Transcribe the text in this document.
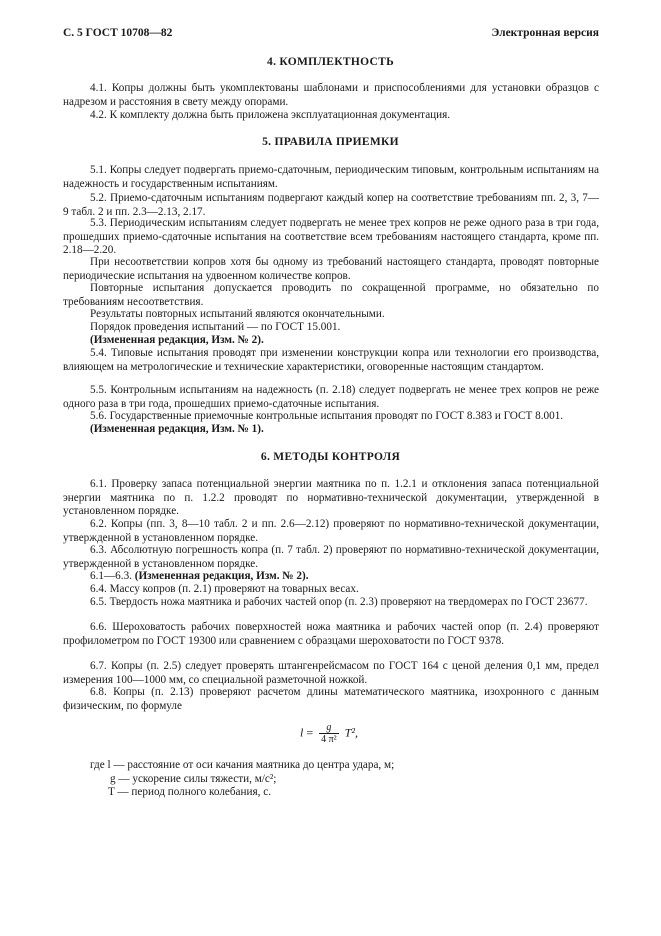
С. 5 ГОСТ 10708—82	Электронная версия
4. КОМПЛЕКТНОСТЬ

4.1. Копры должны быть укомплектованы шаблонами и приспособлениями для установки образцов с надрезом и расстояния в свету между опорами.

4.2. К комплекту должна быть приложена эксплуатационная документация.

5. ПРАВИЛА ПРИЕМКИ

5.1. Копры следует подвергать приемо-сдаточным, периодическим типовым, контрольным испытаниям на надежность и государственным испытаниям.

5.2. Приемо-сдаточным испытаниям подвергают каждый копер на соответствие требованиям пп. 2, 3, 7—9 табл. 2 и пп. 2.3—2.13, 2.17.

5.3. Периодическим испытаниям следует подвергать не менее трех копров не реже одного раза в три года, прошедших приемо-сдаточные испытания на соответствие всем требованиям настоящего стандарта, кроме пп. 2.18—2.20.

При несоответствии копров хотя бы одному из требований настоящего стандарта, проводят повторные периодические испытания на удвоенном количестве копров.

Повторные испытания допускается проводить по сокращенной программе, но обязательно по требованиям несоответствия.

Результаты повторных испытаний являются окончательными.

Порядок проведения испытаний — по ГОСТ 15.001.

(Измененная редакция, Изм. № 2).

5.4. Типовые испытания проводят при изменении конструкции копра или технологии его производства, влияющем на метрологические и технические характеристики, оговоренные настоящим стандартом.

5.5. Контрольным испытаниям на надежность (п. 2.18) следует подвергать не менее трех копров не реже одного раза в три года, прошедших приемо-сдаточные испытания.

5.6. Государственные приемочные контрольные испытания проводят по ГОСТ 8.383 и ГОСТ 8.001.

(Измененная редакция, Изм. № 1).

6. МЕТОДЫ КОНТРОЛЯ

6.1. Проверку запаса потенциальной энергии маятника по п. 1.2.1 и отклонения запаса потенциальной энергии маятника по п. 1.2.2 проводят по нормативно-технической документации, утвержденной в установленном порядке.

6.2. Копры (пп. 3, 8—10 табл. 2 и пп. 2.6—2.12) проверяют по нормативно-технической документации, утвержденной в установленном порядке.

6.3. Абсолютную погрешность копра (п. 7 табл. 2) проверяют по нормативно-технической документации, утвержденной в установленном порядке.

6.1—6.3. (Измененная редакция, Изм. № 2).

6.4. Массу копров (п. 2.1) проверяют на товарных весах.

6.5. Твердость ножа маятника и рабочих частей опор (п. 2.3) проверяют на твердомерах по ГОСТ 23677.

6.6. Шероховатость рабочих поверхностей ножа маятника и рабочих частей опор (п. 2.4) проверяют профилометром по ГОСТ 19300 или сравнением с образцами шероховатости по ГОСТ 9378.

6.7. Копры (п. 2.5) следует проверять штангенрейсмасом по ГОСТ 164 с ценой деления 0,1 мм, предел измерения 100—1000 мм, со специальной разметочной ножкой.

6.8. Копры (п. 2.13) проверяют расчетом длины математического маятника, изохронного с данным физическим, по формуле

$l = \frac{g}{\text{4 π²}} T^2$,
где l — расстояние от оси качания маятника до центра удара, м;
g — ускорение силы тяжести, м/с²;
T — период полного колебания, с.
